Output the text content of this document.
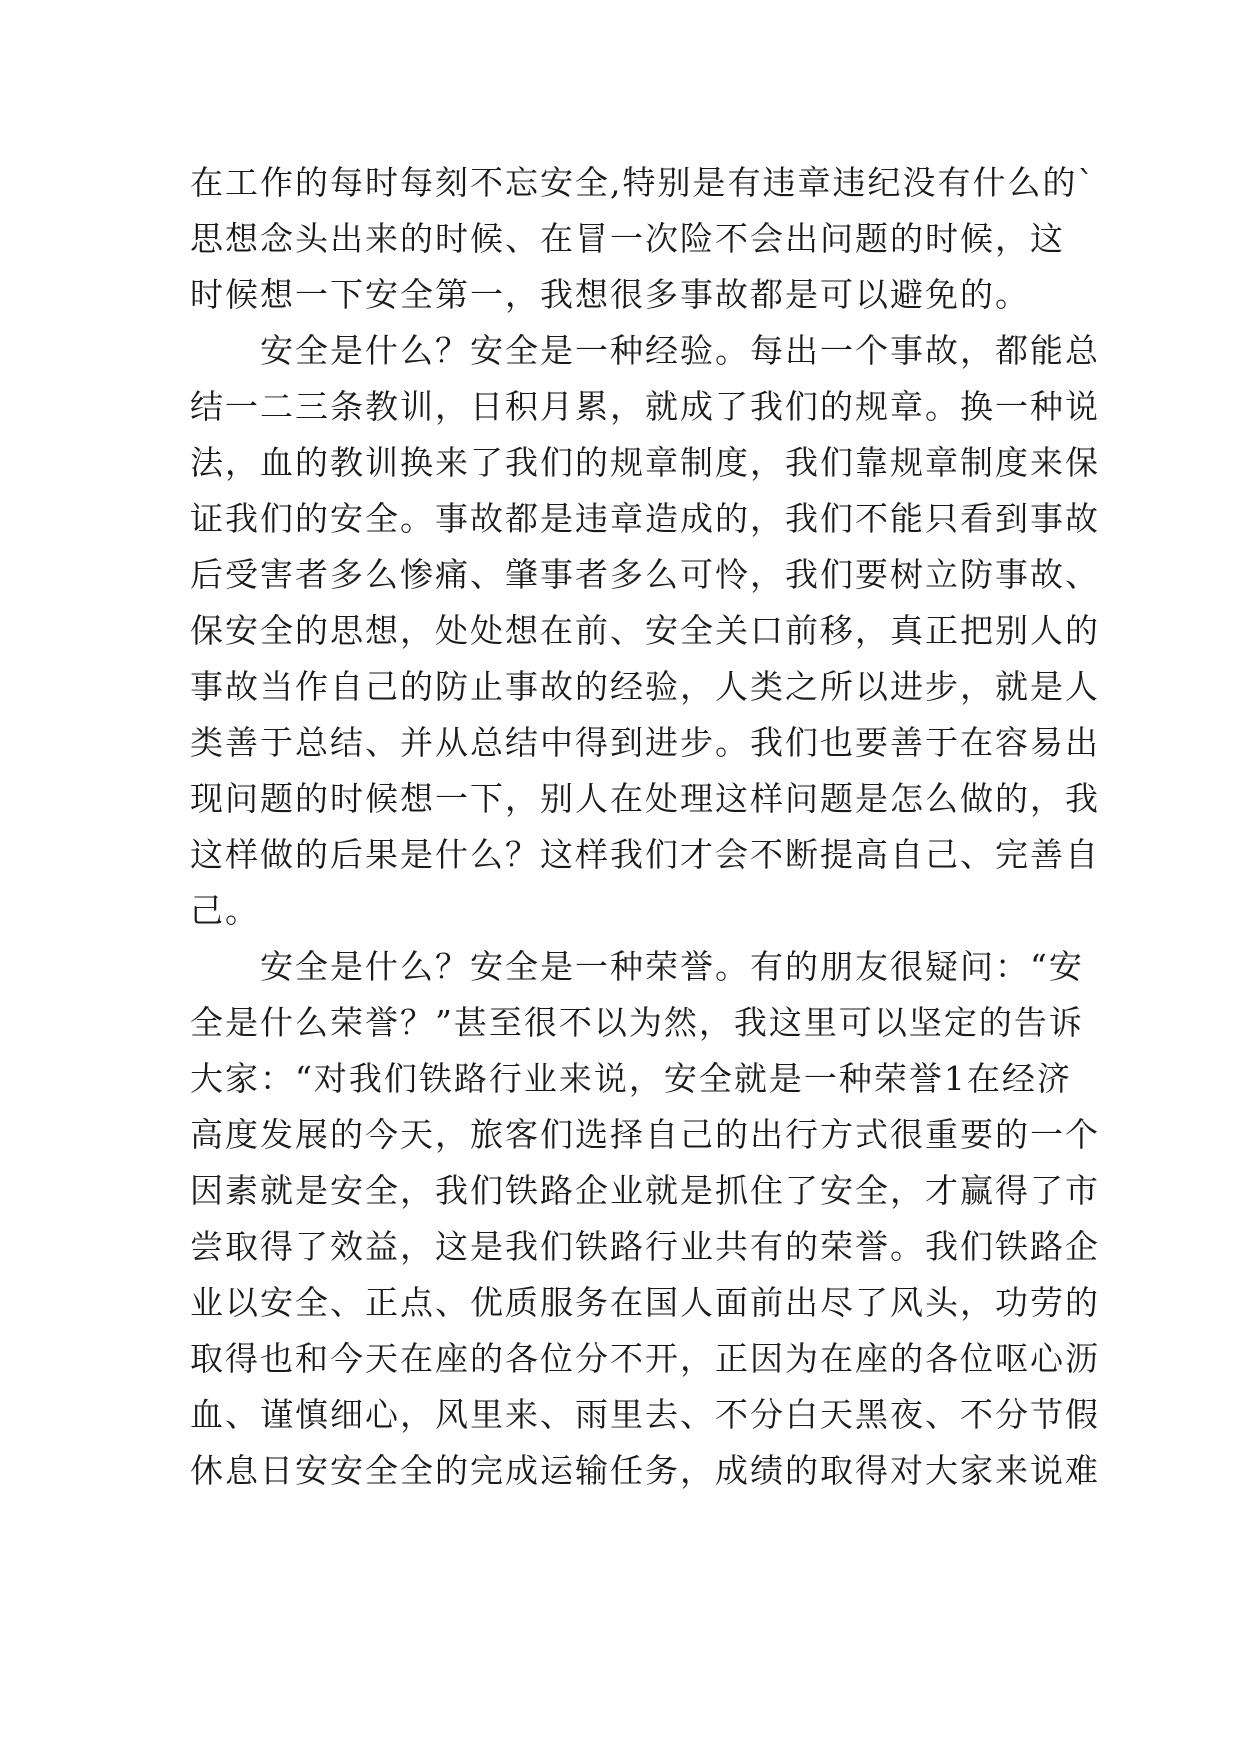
在工作的每时每刻不忘安全,特别是有违章违纪没有什么的`
思想念头出来的时候、在冒一次险不会出问题的时候，这
时候想一下安全第一，我想很多事故都是可以避免的。
　　安全是什么？安全是一种经验。每出一个事故，都能总
结一二三条教训，日积月累，就成了我们的规章。换一种说
法，血的教训换来了我们的规章制度，我们靠规章制度来保
证我们的安全。事故都是违章造成的，我们不能只看到事故
后受害者多么惨痛、肇事者多么可怜，我们要树立防事故、
保安全的思想，处处想在前、安全关口前移，真正把别人的
事故当作自己的防止事故的经验，人类之所以进步，就是人
类善于总结、并从总结中得到进步。我们也要善于在容易出
现问题的时候想一下，别人在处理这样问题是怎么做的，我
这样做的后果是什么？这样我们才会不断提高自己、完善自
己。
　　安全是什么？安全是一种荣誉。有的朋友很疑问：“安
全是什么荣誉？”甚至很不以为然，我这里可以坚定的告诉
大家：“对我们铁路行业来说，安全就是一种荣誉1在经济
高度发展的今天，旅客们选择自己的出行方式很重要的一个
因素就是安全，我们铁路企业就是抓住了安全，才赢得了市
尝取得了效益，这是我们铁路行业共有的荣誉。我们铁路企
业以安全、正点、优质服务在国人面前出尽了风头，功劳的
取得也和今天在座的各位分不开，正因为在座的各位呕心沥
血、谨慎细心，风里来、雨里去、不分白天黑夜、不分节假
休息日安安全全的完成运输任务，成绩的取得对大家来说难
